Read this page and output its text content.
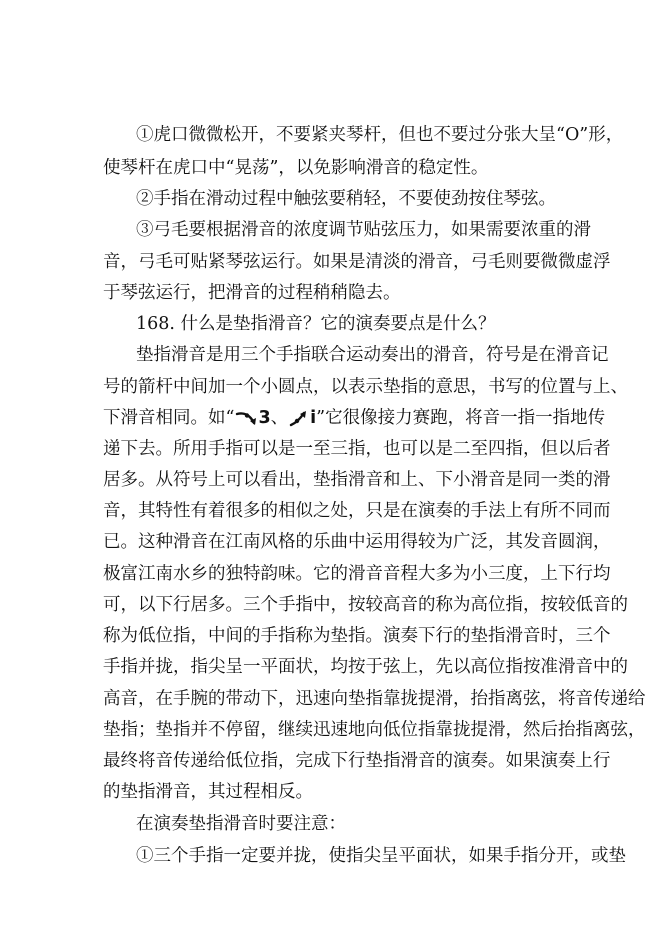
①虎口微微松开，不要紧夹琴杆，但也不要过分张大呈“O”形，
使琴杆在虎口中“晃荡”，以免影响滑音的稳定性。
②手指在滑动过程中触弦要稍轻，不要使劲按住琴弦。
③弓毛要根据滑音的浓度调节贴弦压力，如果需要浓重的滑
音，弓毛可贴紧琴弦运行。如果是清淡的滑音，弓毛则要微微虚浮
于琴弦运行，把滑音的过程稍稍隐去。
168. 什么是垫指滑音？它的演奏要点是什么？
垫指滑音是用三个手指联合运动奏出的滑音，符号是在滑音记
号的箭杆中间加一个小圆点，以表示垫指的意思，书写的位置与上、
下滑音相同。如“ 3、 i”它很像接力赛跑，将音一指一指地传
递下去。所用手指可以是一至三指，也可以是二至四指，但以后者
居多。从符号上可以看出，垫指滑音和上、下小滑音是同一类的滑
音，其特性有着很多的相似之处，只是在演奏的手法上有所不同而
已。这种滑音在江南风格的乐曲中运用得较为广泛，其发音圆润，
极富江南水乡的独特韵味。它的滑音音程大多为小三度，上下行均
可，以下行居多。三个手指中，按较高音的称为高位指，按较低音的
称为低位指，中间的手指称为垫指。演奏下行的垫指滑音时，三个
手指并拢，指尖呈一平面状，均按于弦上，先以高位指按准滑音中的
高音，在手腕的带动下，迅速向垫指靠拢提滑，抬指离弦，将音传递给
垫指；垫指并不停留，继续迅速地向低位指靠拢提滑，然后抬指离弦，
最终将音传递给低位指，完成下行垫指滑音的演奏。如果演奏上行
的垫指滑音，其过程相反。
在演奏垫指滑音时要注意：
①三个手指一定要并拢，使指尖呈平面状，如果手指分开，或垫
